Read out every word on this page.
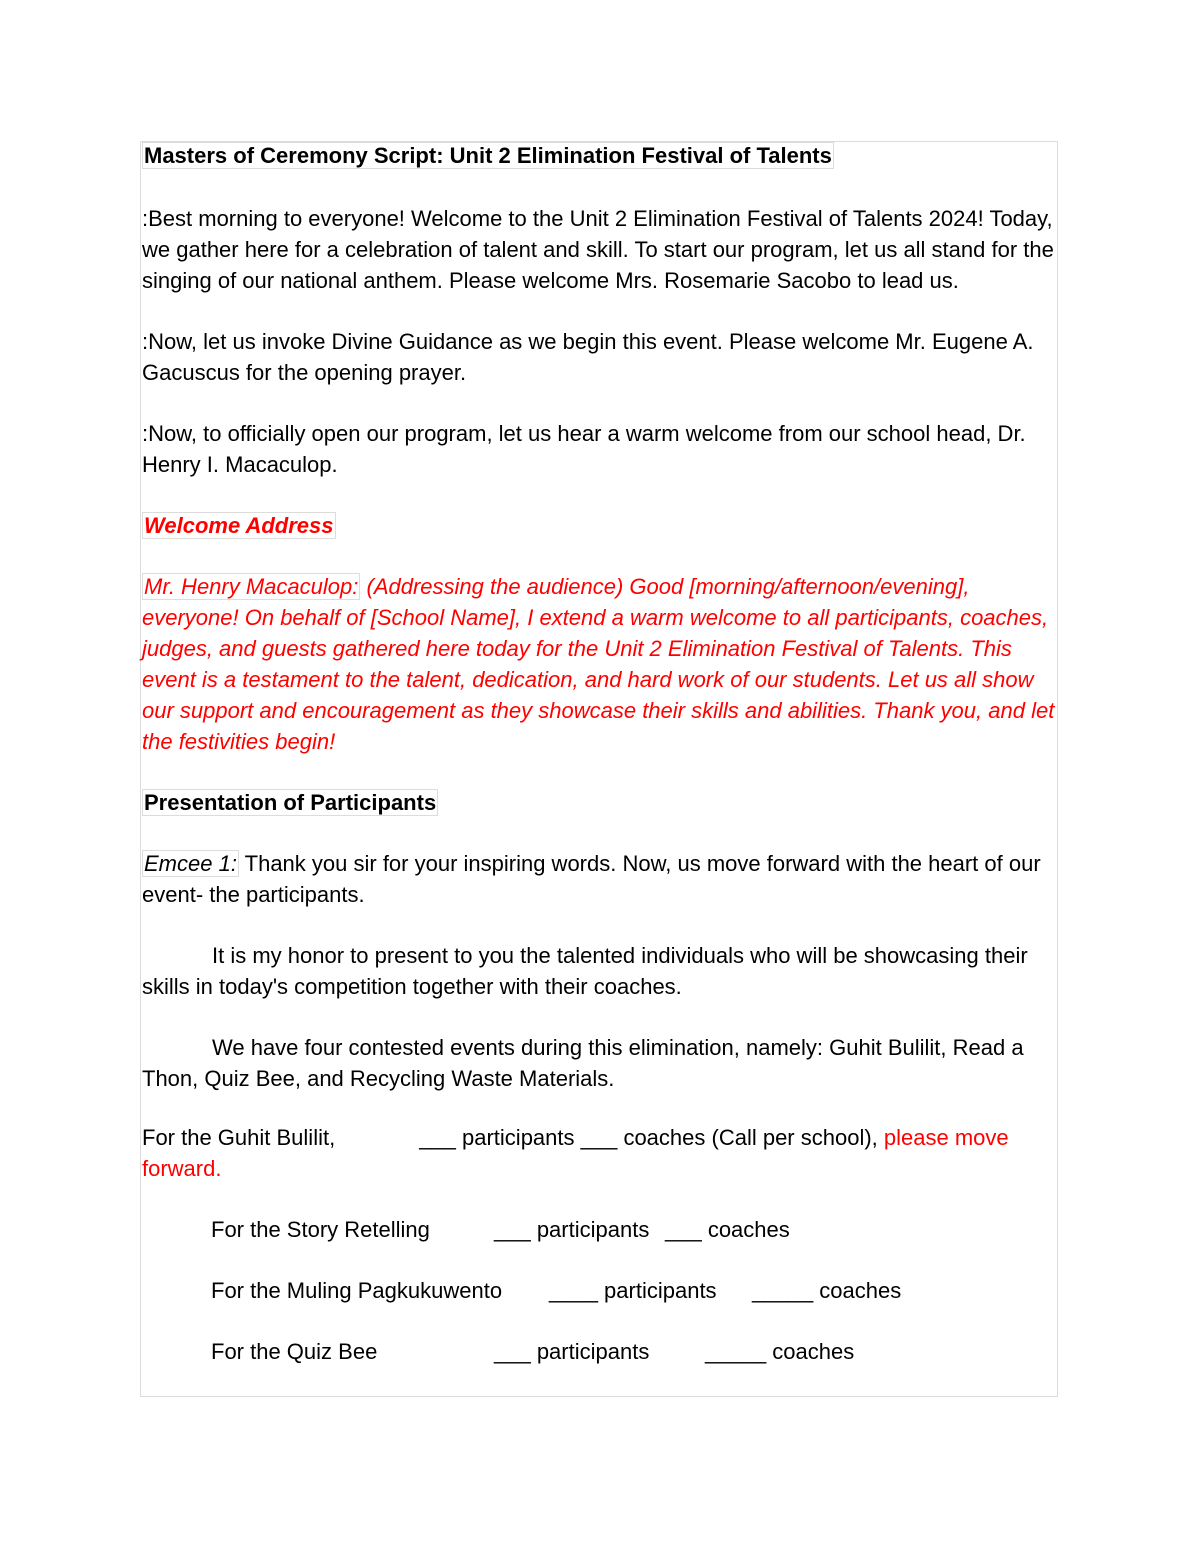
Masters of Ceremony Script: Unit 2 Elimination Festival of Talents

:Best morning to everyone! Welcome to the Unit 2 Elimination Festival of Talents 2024! Today, we gather here for a celebration of talent and skill. To start our program, let us all stand for the singing of our national anthem. Please welcome Mrs. Rosemarie Sacobo to lead us.

:Now, let us invoke Divine Guidance as we begin this event. Please welcome Mr. Eugene A. Gacuscus for the opening prayer.

:Now, to officially open our program, let us hear a warm welcome from our school head, Dr. Henry I. Macaculop.

Welcome Address

Mr. Henry Macaculop: (Addressing the audience) Good [morning/afternoon/evening], everyone! On behalf of [School Name], I extend a warm welcome to all participants, coaches, judges, and guests gathered here today for the Unit 2 Elimination Festival of Talents. This event is a testament to the talent, dedication, and hard work of our students. Let us all show our support and encouragement as they showcase their skills and abilities. Thank you, and let the festivities begin!

Presentation of Participants

Emcee 1: Thank you sir for your inspiring words. Now, us move forward with the heart of our event- the participants.

It is my honor to present to you the talented individuals who will be showcasing their skills in today's competition together with their coaches.

We have four contested events during this elimination, namely: Guhit Bulilit, Read a Thon, Quiz Bee, and Recycling Waste Materials.

For the Guhit Bulilit,	___ participants ___ coaches (Call per school), please move forward.

For the Story Retelling	___ participants ___ coaches
For the Muling Pagkukuwento ____ participants _____ coaches
For the Quiz Bee	___ participants	_____ coaches
